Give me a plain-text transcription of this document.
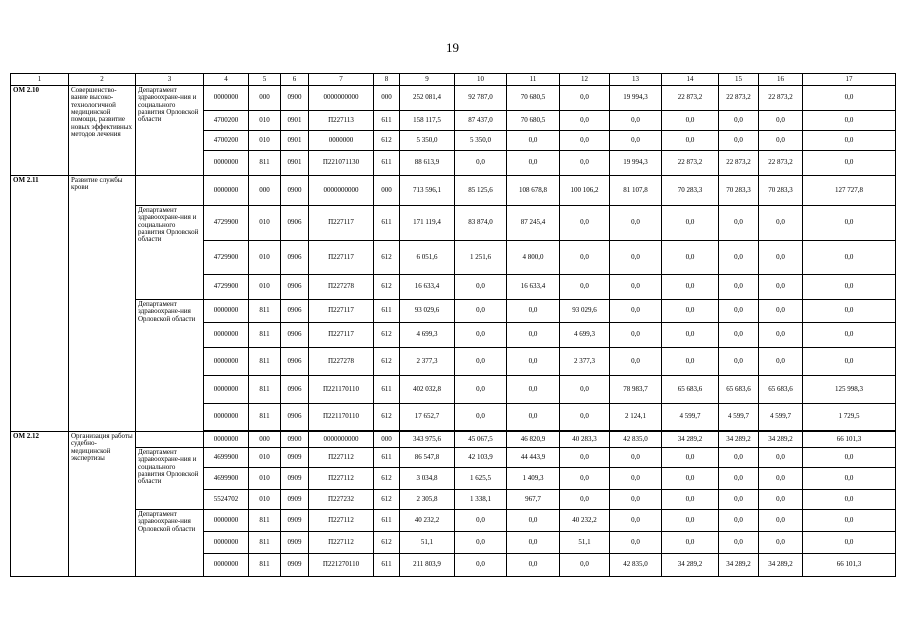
19
1	2	3	4	5	6	7	8	9	10	11	12	13	14	15	16	17
ОМ 2.10	Совершенство-вание высоко-технологичной медицинской помощи, развитие новых эффективных методов лечения	Департамент здравоохране-ния и социального развития Орловской области	0000000	000	0900	0000000000	000	252 081,4	92 787,0	70 680,5	0,0	19 994,3	22 873,2	22 873,2	22 873,2	0,0
			4700200	010	0901	П227113	611	158 117,5	87 437,0	70 680,5	0,0	0,0	0,0	0,0	0,0	0,0
			4700200	010	0901	0000000	612	5 350,0	5 350,0	0,0	0,0	0,0	0,0	0,0	0,0	0,0
			0000000	811	0901	П221071130	611	88 613,9	0,0	0,0	0,0	19 994,3	22 873,2	22 873,2	22 873,2	0,0
ОМ 2.11	Развитие службы крови		0000000	000	0900	0000000000	000	713 596,1	85 125,6	108 678,8	100 106,2	81 107,8	70 283,3	70 283,3	70 283,3	127 727,8
		Департамент здравоохране-ния и социального развития Орловской области	4729900	010	0906	П227117	611	171 119,4	83 874,0	87 245,4	0,0	0,0	0,0	0,0	0,0	0,0
			4729900	010	0906	П227117	612	6 051,6	1 251,6	4 800,0	0,0	0,0	0,0	0,0	0,0	0,0
			4729900	010	0906	П227278	612	16 633,4	0,0	16 633,4	0,0	0,0	0,0	0,0	0,0	0,0
		Департамент здравоохране-ния Орловской области	0000000	811	0906	П227117	611	93 029,6	0,0	0,0	93 029,6	0,0	0,0	0,0	0,0	0,0
			0000000	811	0906	П227117	612	4 699,3	0,0	0,0	4 699,3	0,0	0,0	0,0	0,0	0,0
			0000000	811	0906	П227278	612	2 377,3	0,0	0,0	2 377,3	0,0	0,0	0,0	0,0	0,0
			0000000	811	0906	П221170110	611	402 032,8	0,0	0,0	0,0	78 983,7	65 683,6	65 683,6	65 683,6	125 998,3
			0000000	811	0906	П221170110	612	17 652,7	0,0	0,0	0,0	2 124,1	4 599,7	4 599,7	4 599,7	1 729,5

ОМ 2.12	Организация работы судебно-медицинской экспертизы		0000000	000	0900	0000000000	000	343 975,6	45 067,5	46 820,9	40 283,3	42 835,0	34 289,2	34 289,2	34 289,2	66 101,3
		Департамент здравоохране-ния и социального развития Орловской области	4699900	010	0909	П227112	611	86 547,8	42 103,9	44 443,9	0,0	0,0	0,0	0,0	0,0	0,0
			4699900	010	0909	П227112	612	3 034,8	1 625,5	1 409,3	0,0	0,0	0,0	0,0	0,0	0,0
			5524702	010	0909	П227232	612	2 305,8	1 338,1	967,7	0,0	0,0	0,0	0,0	0,0	0,0
		Департамент здравоохране-ния Орловской области	0000000	811	0909	П227112	611	40 232,2	0,0	0,0	40 232,2	0,0	0,0	0,0	0,0	0,0
			0000000	811	0909	П227112	612	51,1	0,0	0,0	51,1	0,0	0,0	0,0	0,0	0,0
			0000000	811	0909	П221270110	611	211 803,9	0,0	0,0	0,0	42 835,0	34 289,2	34 289,2	34 289,2	66 101,3
